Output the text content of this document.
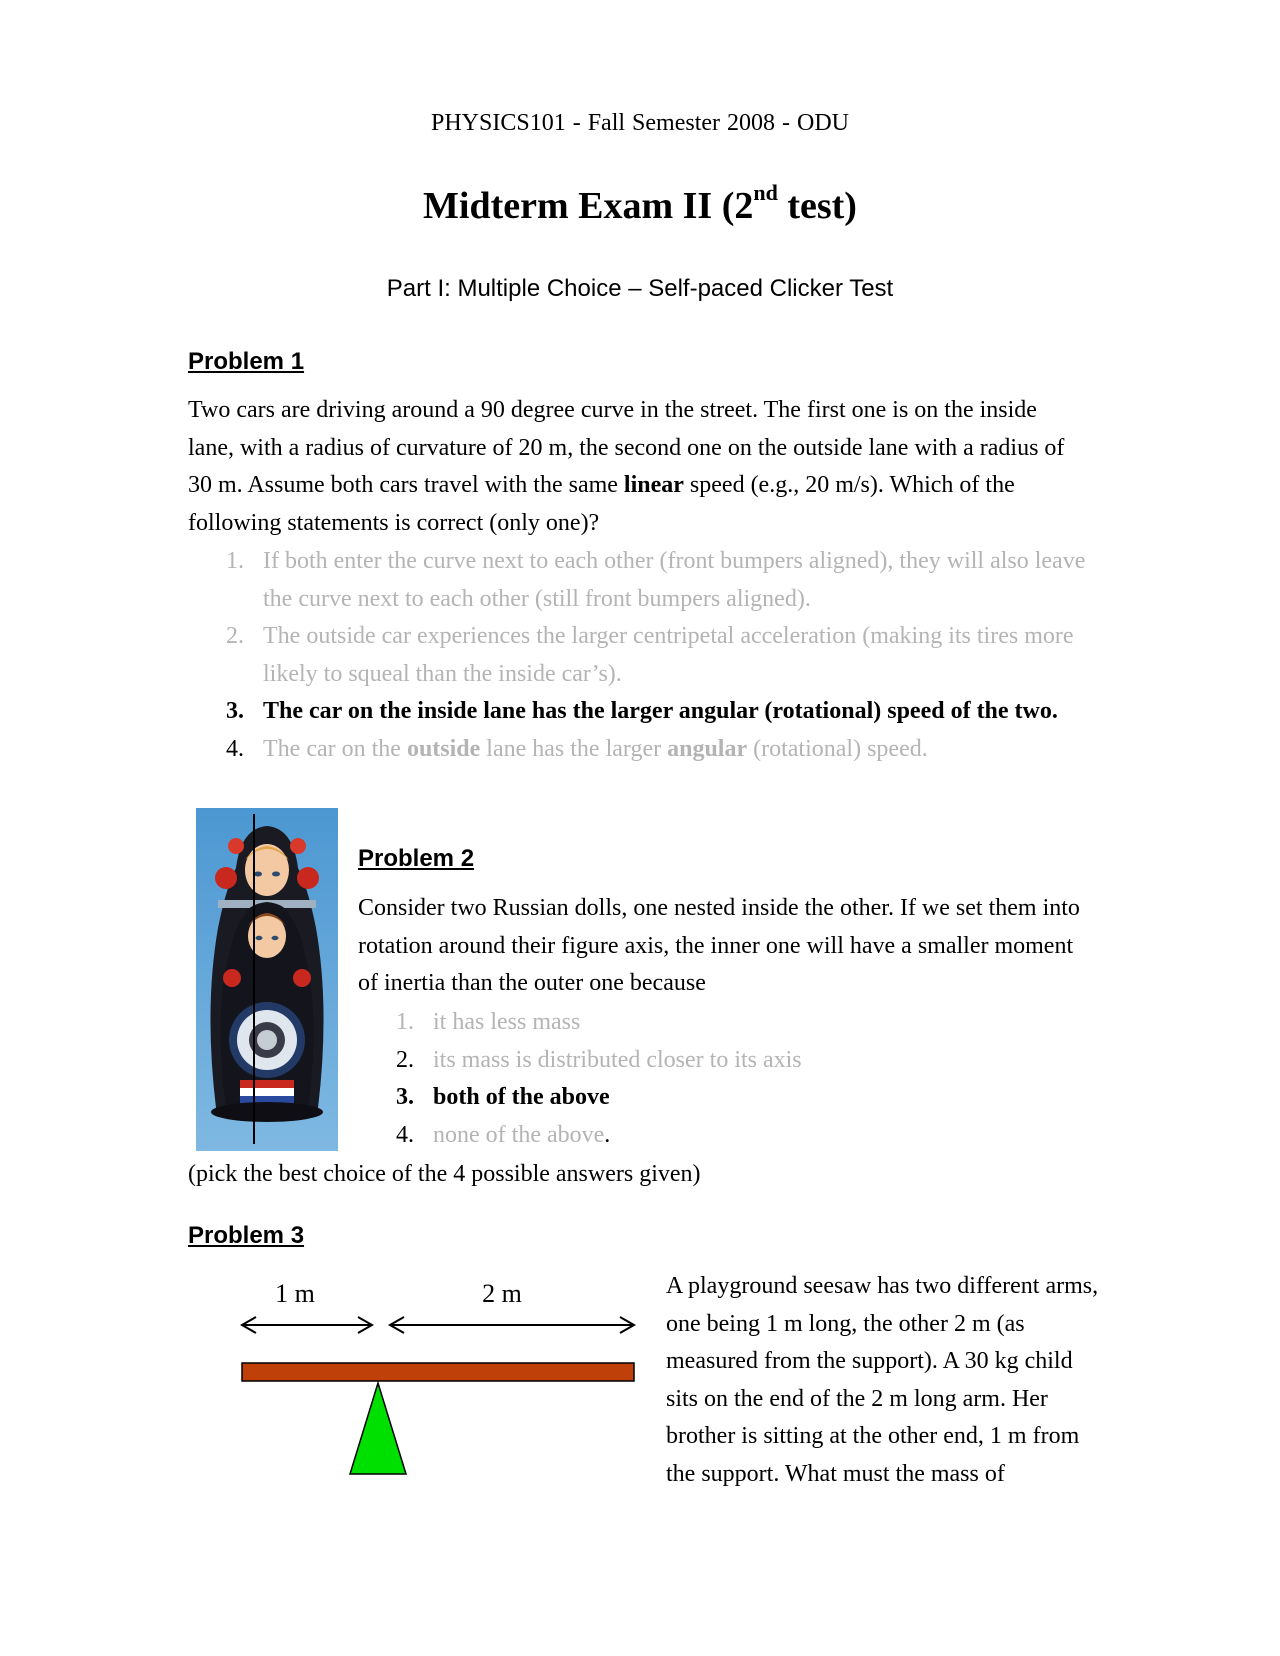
PHYSICS101 - Fall Semester 2008 - ODU
Midterm Exam II (2nd test)
Part I: Multiple Choice – Self-paced Clicker Test
Problem 1
Two cars are driving around a 90 degree curve in the street. The first one is on the inside lane, with a radius of curvature of 20 m, the second one on the outside lane with a radius of 30 m. Assume both cars travel with the same linear speed (e.g., 20 m/s). Which of the following statements is correct (only one)?
1. If both enter the curve next to each other (front bumpers aligned), they will also leave the curve next to each other (still front bumpers aligned).
2. The outside car experiences the larger centripetal acceleration (making its tires more likely to squeal than the inside car’s).
3. The car on the inside lane has the larger angular (rotational) speed of the two.
4. The car on the outside lane has the larger angular (rotational) speed.
Problem 2
Consider two Russian dolls, one nested inside the other. If we set them into rotation around their figure axis, the inner one will have a smaller moment of inertia than the outer one because
1. it has less mass
2. its mass is distributed closer to its axis
3. both of the above
4. none of the above.
(pick the best choice of the 4 possible answers given)
Problem 3
1 m	2 m	A playground seesaw has two different arms, one being 1 m long, the other 2 m (as measured from the support). A 30 kg child sits on the end of the 2 m long arm. Her brother is sitting at the other end, 1 m from the support. What must the mass of
